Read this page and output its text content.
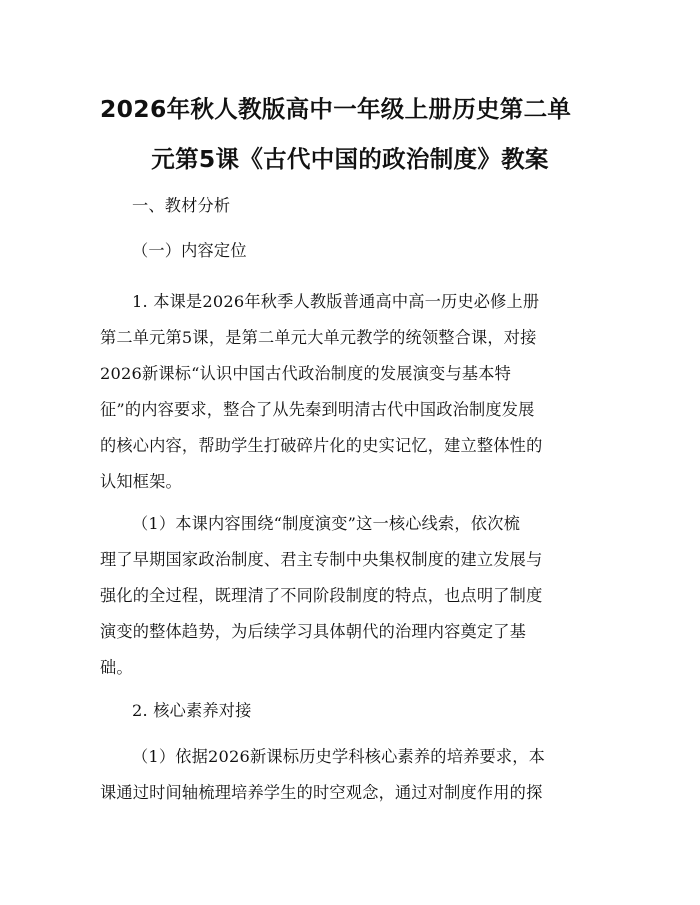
2026年秋人教版高中一年级上册历史第二单
元第5课《古代中国的政治制度》教案

一、教材分析

（一）内容定位

1. 本课是2026年秋季人教版普通高中高一历史必修上册
第二单元第5课，是第二单元大单元教学的统领整合课，对接
2026新课标“认识中国古代政治制度的发展演变与基本特
征”的内容要求，整合了从先秦到明清古代中国政治制度发展
的核心内容，帮助学生打破碎片化的史实记忆，建立整体性的
认知框架。

（1）本课内容围绕“制度演变”这一核心线索，依次梳
理了早期国家政治制度、君主专制中央集权制度的建立发展与
强化的全过程，既理清了不同阶段制度的特点，也点明了制度
演变的整体趋势，为后续学习具体朝代的治理内容奠定了基
础。

2. 核心素养对接

（1）依据2026新课标历史学科核心素养的培养要求，本
课通过时间轴梳理培养学生的时空观念，通过对制度作用的探
